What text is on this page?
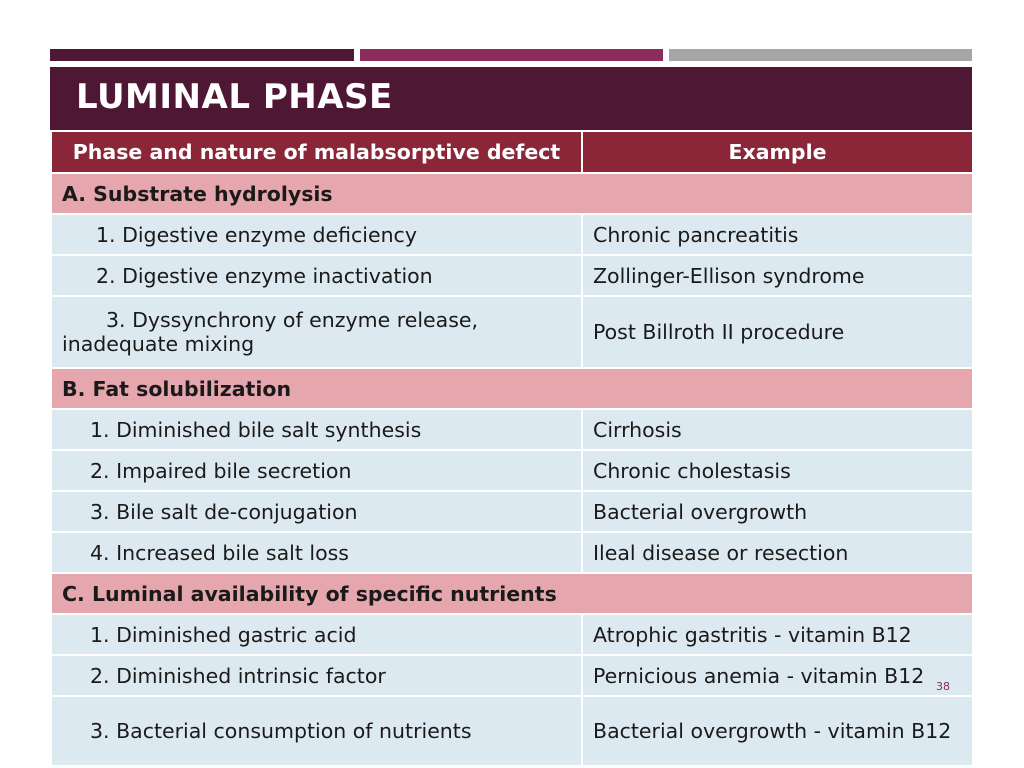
LUMINAL PHASE
Phase and nature of malabsorptive defect	Example
A. Substrate hydrolysis	
1. Digestive enzyme deficiency	Chronic pancreatitis
2. Digestive enzyme inactivation	Zollinger-Ellison syndrome

3. Dyssynchrony of enzyme release,
inadequate mixing	Post Billroth II procedure
B. Fat solubilization	
1. Diminished bile salt synthesis	Cirrhosis
2. Impaired bile secretion	Chronic cholestasis
3. Bile salt de-conjugation	Bacterial overgrowth
4. Increased bile salt loss	Ileal disease or resection
C. Luminal availability of specific nutrients	
1. Diminished gastric acid	Atrophic gastritis - vitamin B12
2. Diminished intrinsic factor	Pernicious anemia - vitamin B12
3. Bacterial consumption of nutrients	Bacterial overgrowth - vitamin B12
38
